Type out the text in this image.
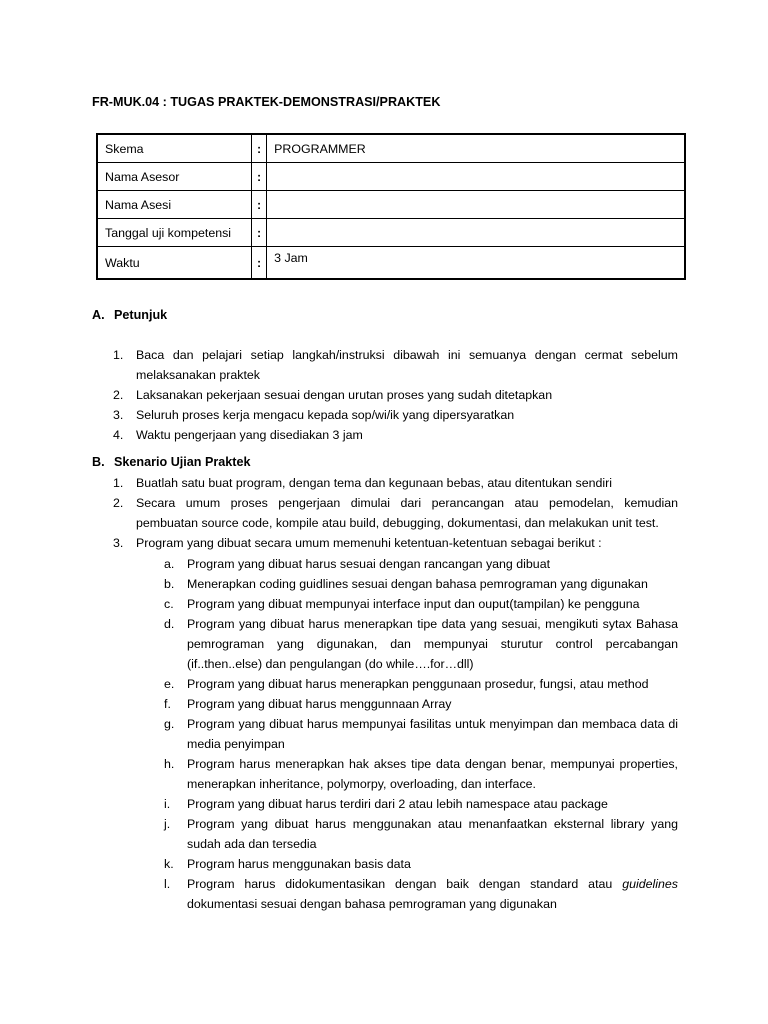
FR-MUK.04 : TUGAS PRAKTEK-DEMONSTRASI/PRAKTEK
Skema	:	PROGRAMMER
Nama Asesor	:	
Nama Asesi	:	
Tanggal uji kompetensi	:	
Waktu	:	3 Jam
A. Petunjuk
1. Baca dan pelajari setiap langkah/instruksi dibawah ini semuanya dengan cermat sebelum melaksanakan praktek
2. Laksanakan pekerjaan sesuai dengan urutan proses yang sudah ditetapkan
3. Seluruh proses kerja mengacu kepada sop/wi/ik yang dipersyaratkan
4. Waktu pengerjaan yang disediakan 3 jam
B. Skenario Ujian Praktek
1. Buatlah satu buat program, dengan tema dan kegunaan bebas, atau ditentukan sendiri
2. Secara umum proses pengerjaan dimulai dari perancangan atau pemodelan, kemudian pembuatan source code, kompile atau build, debugging, dokumentasi, dan melakukan unit test.
3. Program yang dibuat secara umum memenuhi ketentuan-ketentuan sebagai berikut :
a. Program yang dibuat harus sesuai dengan rancangan yang dibuat
b. Menerapkan coding guidlines sesuai dengan bahasa pemrograman yang digunakan
c. Program yang dibuat mempunyai interface input dan ouput(tampilan) ke pengguna
d. Program yang dibuat harus menerapkan tipe data yang sesuai, mengikuti sytax Bahasa pemrograman yang digunakan, dan mempunyai sturutur control percabangan (if..then..else) dan pengulangan (do while….for…dll)
e. Program yang dibuat harus menerapkan penggunaan prosedur, fungsi, atau method
f. Program yang dibuat harus menggunnaan Array
g. Program yang dibuat harus mempunyai fasilitas untuk menyimpan dan membaca data di media penyimpan
h. Program harus menerapkan hak akses tipe data dengan benar, mempunyai properties, menerapkan inheritance, polymorpy, overloading, dan interface.
i. Program yang dibuat harus terdiri dari 2 atau lebih namespace atau package
j. Program yang dibuat harus menggunakan atau menanfaatkan eksternal library yang sudah ada dan tersedia
k. Program harus menggunakan basis data
l. Program harus didokumentasikan dengan baik dengan standard atau guidelines dokumentasi sesuai dengan bahasa pemrograman yang digunakan
